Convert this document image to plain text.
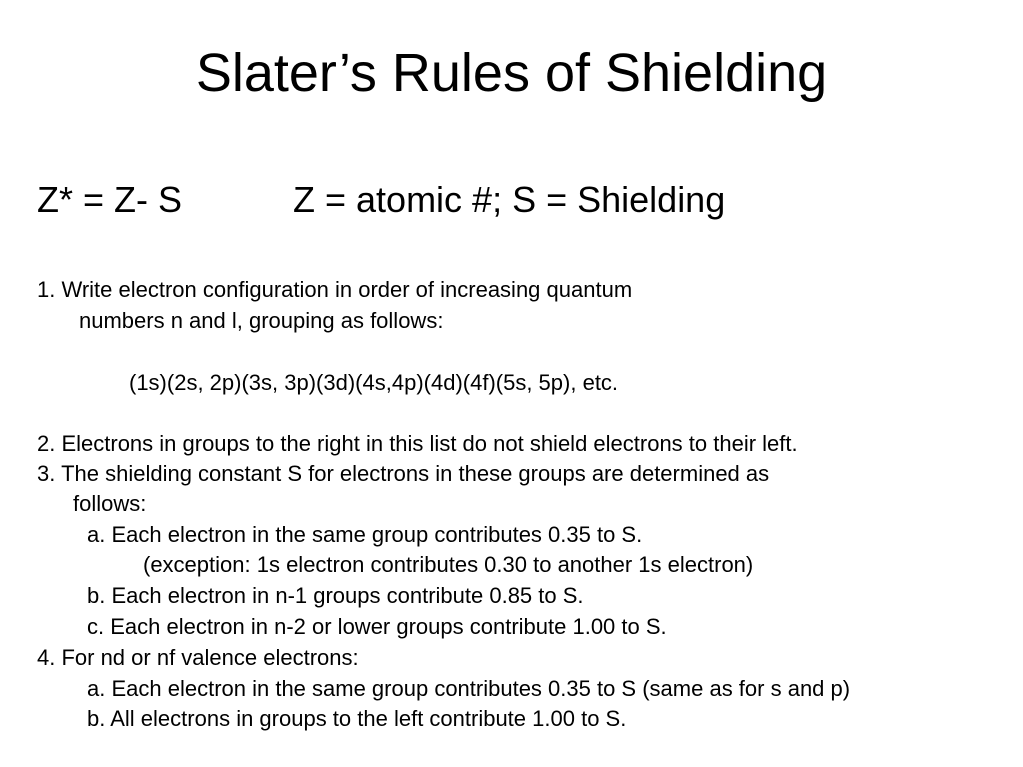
Slater’s Rules of Shielding
Z* = Z- S	Z = atomic #; S = Shielding
1. Write electron configuration in order of increasing quantum
numbers n and l, grouping as follows:
(1s)(2s, 2p)(3s, 3p)(3d)(4s,4p)(4d)(4f)(5s, 5p), etc.
2. Electrons in groups to the right in this list do not shield electrons to their left.
3. The shielding constant S for electrons in these groups are determined as
follows:
a. Each electron in the same group contributes 0.35 to S.
(exception: 1s electron contributes 0.30 to another 1s electron)
b. Each electron in n-1 groups contribute 0.85 to S.
c. Each electron in n-2 or lower groups contribute 1.00 to S.
4. For nd or nf valence electrons:
a. Each electron in the same group contributes 0.35 to S (same as for s and p)
b. All electrons in groups to the left contribute 1.00 to S.
